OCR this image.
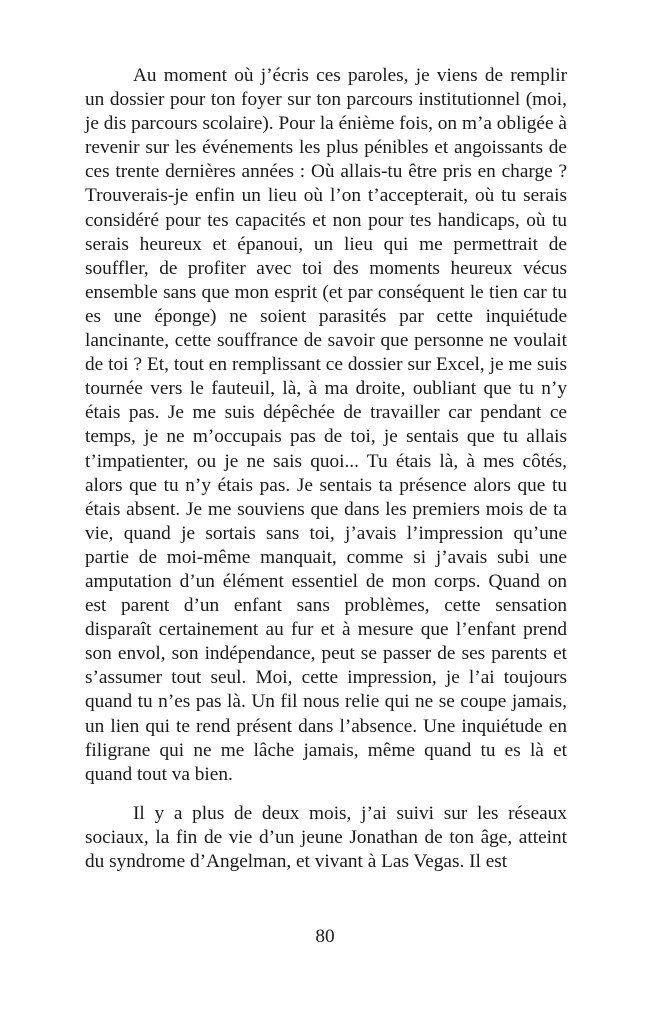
Au moment où j’écris ces paroles, je viens de remplir un dossier pour ton foyer sur ton parcours institutionnel (moi, je dis parcours scolaire). Pour la énième fois, on m’a obligée à revenir sur les événements les plus pénibles et angoissants de ces trente dernières années : Où allais-tu être pris en charge ? Trouverais-je enfin un lieu où l’on t’accepterait, où tu serais considéré pour tes capacités et non pour tes handicaps, où tu serais heureux et épanoui, un lieu qui me permettrait de souffler, de profiter avec toi des moments heureux vécus ensemble sans que mon esprit (et par conséquent le tien car tu es une éponge) ne soient parasités par cette inquiétude lancinante, cette souffrance de savoir que personne ne voulait de toi ? Et, tout en remplissant ce dossier sur Excel, je me suis tournée vers le fauteuil, là, à ma droite, oubliant que tu n’y étais pas. Je me suis dépêchée de travailler car pendant ce temps, je ne m’occupais pas de toi, je sentais que tu allais t’impatienter, ou je ne sais quoi... Tu étais là, à mes côtés, alors que tu n’y étais pas. Je sentais ta présence alors que tu étais absent. Je me souviens que dans les premiers mois de ta vie, quand je sortais sans toi, j’avais l’impression qu’une partie de moi-même manquait, comme si j’avais subi une amputation d’un élément essentiel de mon corps. Quand on est parent d’un enfant sans problèmes, cette sensation disparaît certainement au fur et à mesure que l’enfant prend son envol, son indépendance, peut se passer de ses parents et s’assumer tout seul. Moi, cette impression, je l’ai toujours quand tu n’es pas là. Un fil nous relie qui ne se coupe jamais, un lien qui te rend présent dans l’absence. Une inquiétude en filigrane qui ne me lâche jamais, même quand tu es là et quand tout va bien.

Il y a plus de deux mois, j’ai suivi sur les réseaux sociaux, la fin de vie d’un jeune Jonathan de ton âge, atteint du syndrome d’Angelman, et vivant à Las Vegas. Il est

80
